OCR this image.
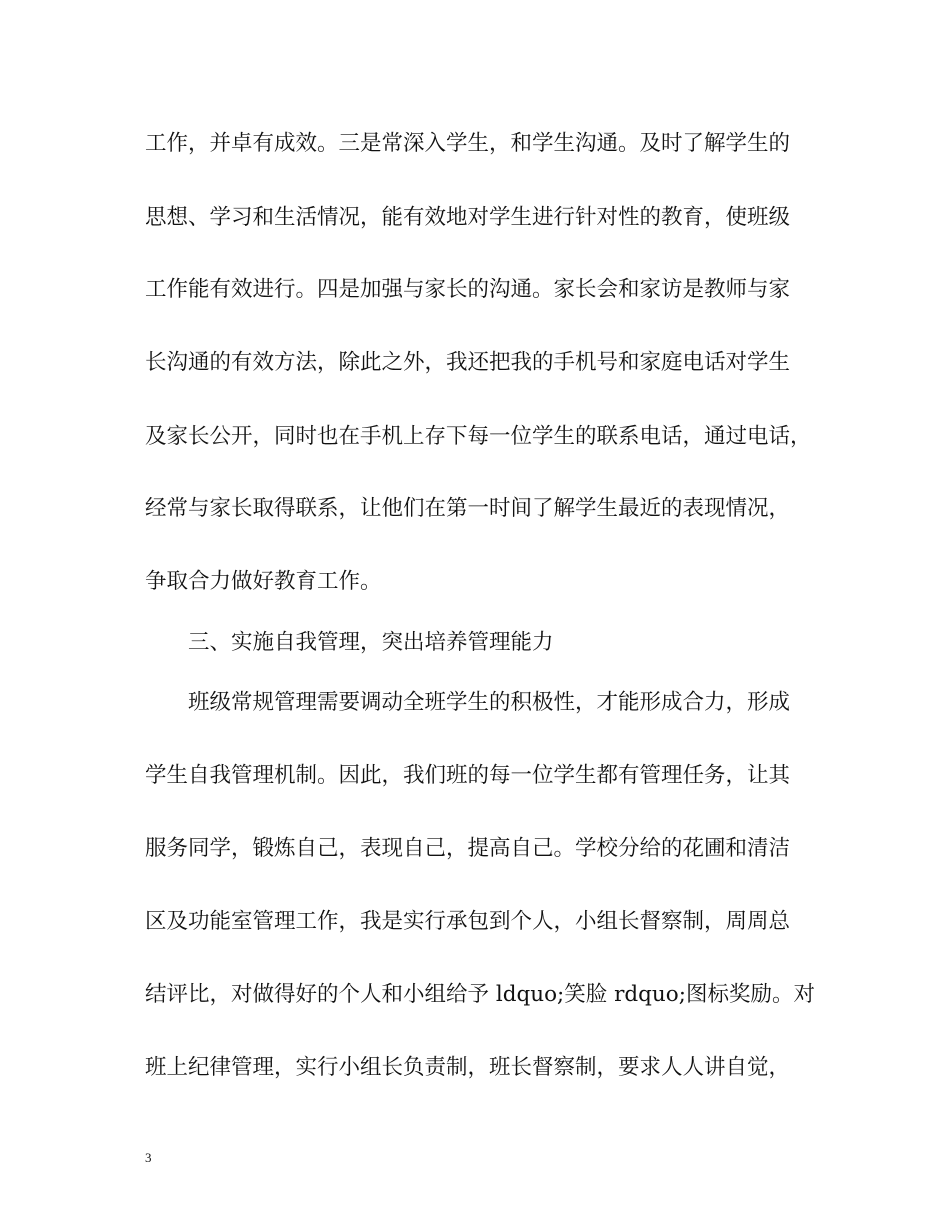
工作，并卓有成效。三是常深入学生，和学生沟通。及时了解学生的
思想、学习和生活情况，能有效地对学生进行针对性的教育，使班级
工作能有效进行。四是加强与家长的沟通。家长会和家访是教师与家
长沟通的有效方法，除此之外，我还把我的手机号和家庭电话对学生
及家长公开，同时也在手机上存下每一位学生的联系电话，通过电话，
经常与家长取得联系，让他们在第一时间了解学生最近的表现情况，
争取合力做好教育工作。
三、实施自我管理，突出培养管理能力
班级常规管理需要调动全班学生的积极性，才能形成合力，形成
学生自我管理机制。因此，我们班的每一位学生都有管理任务，让其
服务同学，锻炼自己，表现自己，提高自己。学校分给的花圃和清洁
区及功能室管理工作，我是实行承包到个人，小组长督察制，周周总
结评比，对做得好的个人和小组给予 ldquo;笑脸 rdquo;图标奖励。对
班上纪律管理，实行小组长负责制，班长督察制，要求人人讲自觉，
3
